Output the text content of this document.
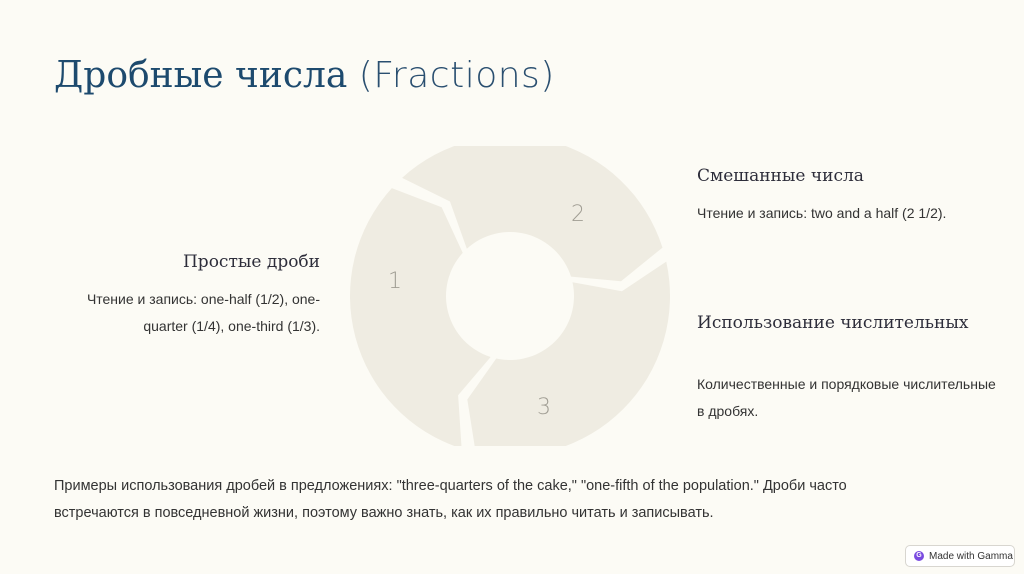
Дробные числа (Fractions)
1
2
3
Простые дроби

Чтение и запись: one-half (1/2), one-quarter (1/4), one-third (1/3).

Смешанные числа

Чтение и запись: two and a half (2 1/2).

Использование числительных

Количественные и порядковые числительные в дробях.

Примеры использования дробей в предложениях: "three-quarters of the cake," "one-fifth of the population." Дроби часто встречаются в повседневной жизни, поэтому важно знать, как их правильно читать и записывать.

G Made with Gamma
